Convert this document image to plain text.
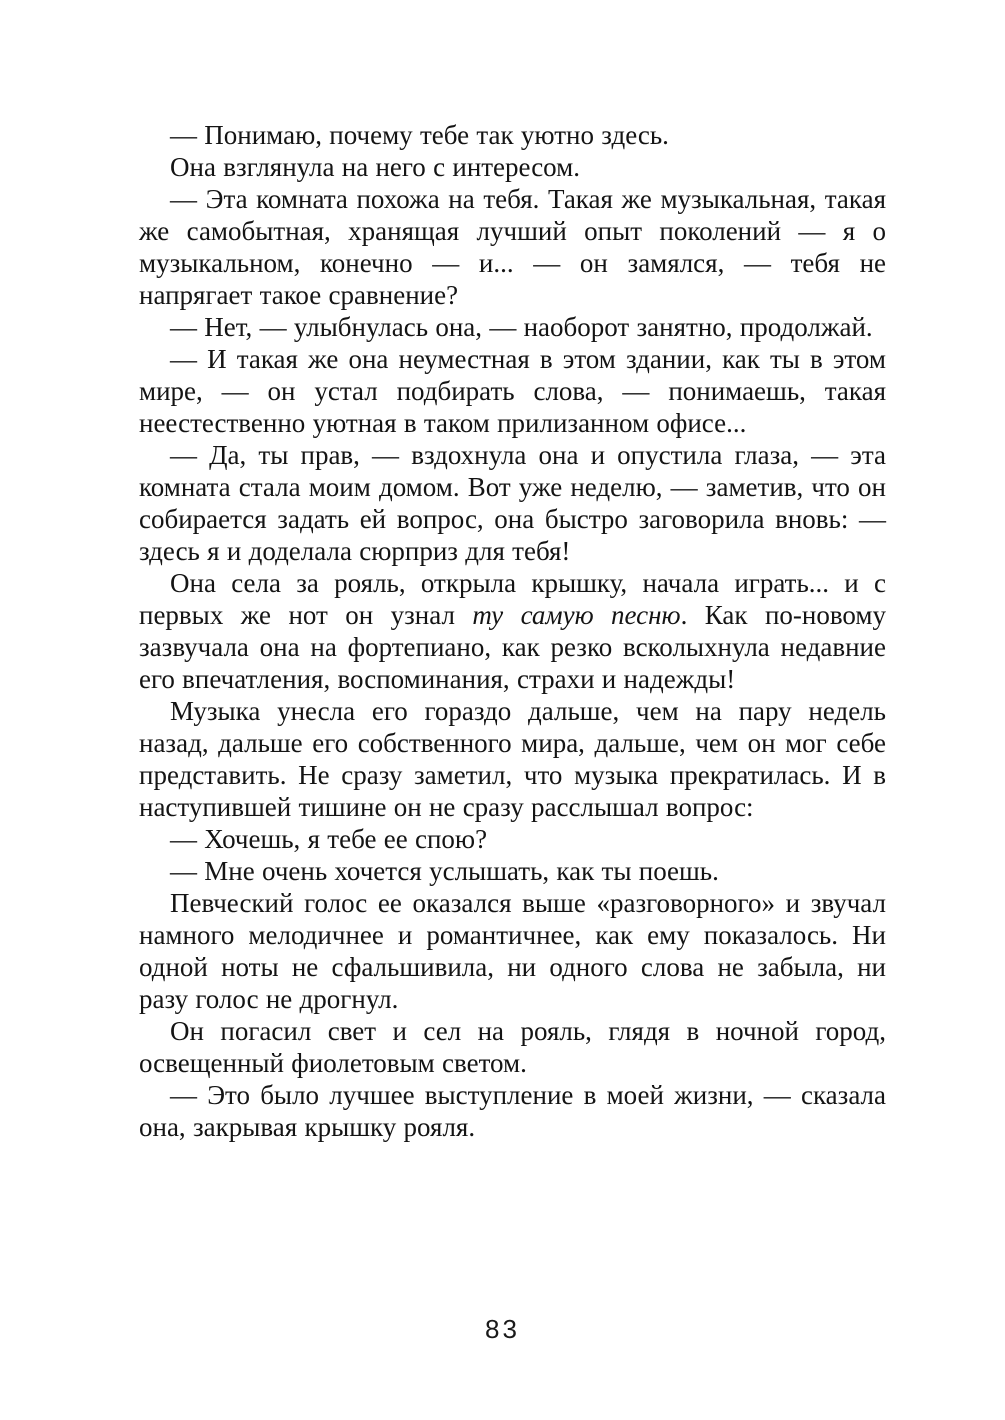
— Понимаю, почему тебе так уютно здесь.

Она взглянула на него с интересом.

— Эта комната похожа на тебя. Такая же музыкальная, такая же самобытная, хранящая лучший опыт поколений — я о музыкальном, конечно — и... — он замялся, — тебя не напрягает такое сравнение?

— Нет, — улыбнулась она, — наоборот занятно, продолжай.

— И такая же она неуместная в этом здании, как ты в этом мире, — он устал подбирать слова, — понимаешь, такая неестественно уютная в таком прилизанном офисе...

— Да, ты прав, — вздохнула она и опустила глаза, — эта комната стала моим домом. Вот уже неделю, — заметив, что он собирается задать ей вопрос, она быстро заговорила вновь: — здесь я и доделала сюрприз для тебя!

Она села за рояль, открыла крышку, начала играть... и с первых же нот он узнал ту самую песню. Как по-новому зазвучала она на фортепиано, как резко всколыхнула недавние его впечатления, воспоминания, страхи и надежды!

Музыка унесла его гораздо дальше, чем на пару недель назад, дальше его собственного мира, дальше, чем он мог себе представить. Не сразу заметил, что музыка прекратилась. И в наступившей тишине он не сразу расслышал вопрос:

— Хочешь, я тебе ее спою?

— Мне очень хочется услышать, как ты поешь.

Певческий голос ее оказался выше «разговорного» и звучал намного мелодичнее и романтичнее, как ему показалось. Ни одной ноты не сфальшивила, ни одного слова не забыла, ни разу голос не дрогнул.

Он погасил свет и сел на рояль, глядя в ночной город, освещенный фиолетовым светом.

— Это было лучшее выступление в моей жизни, — сказала она, закрывая крышку рояля.

83
